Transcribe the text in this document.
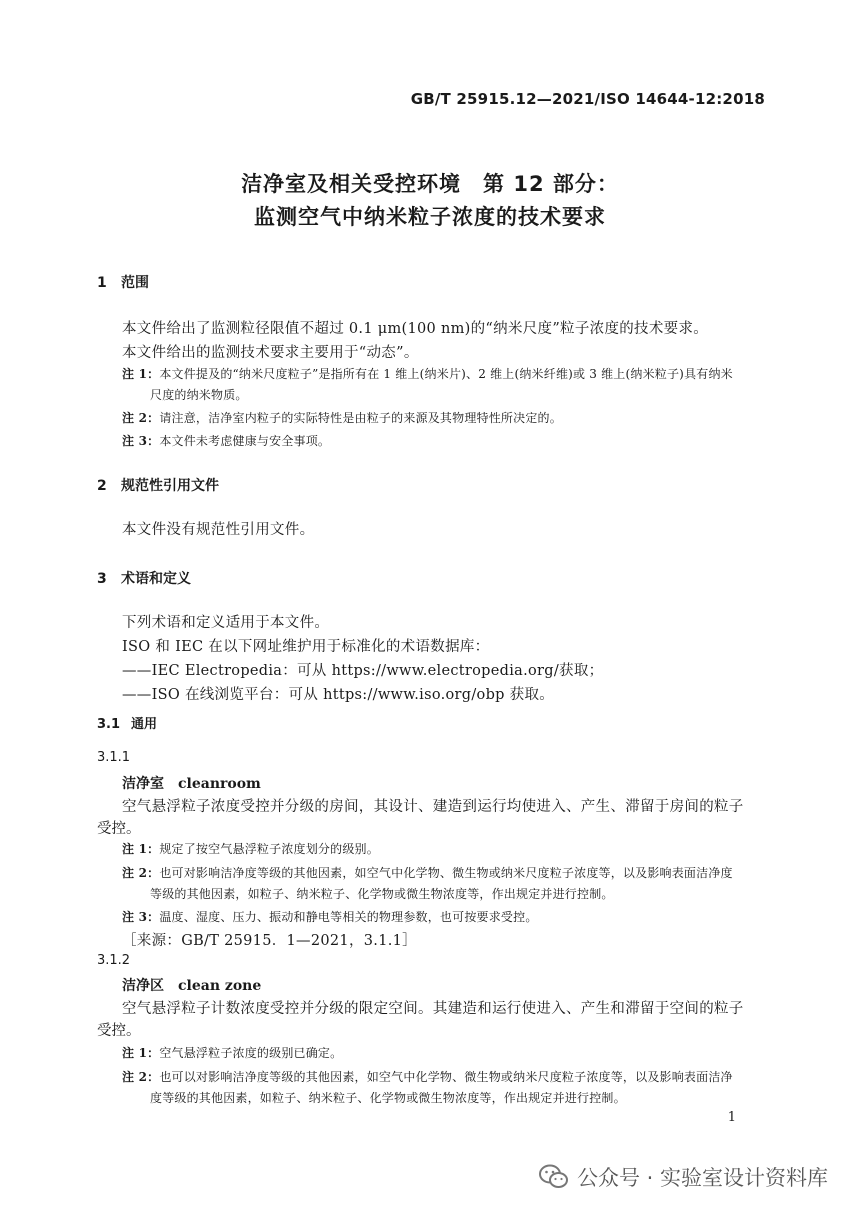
GB/T 25915.12—2021/ISO 14644-12:2018
洁净室及相关受控环境　第 12 部分：
监测空气中纳米粒子浓度的技术要求
1 范围
本文件给出了监测粒径限值不超过 0.1 μm(100 nm)的“纳米尺度”粒子浓度的技术要求。
本文件给出的监测技术要求主要用于“动态”。
注 1：本文件提及的“纳米尺度粒子”是指所有在 1 维上(纳米片)、2 维上(纳米纤维)或 3 维上(纳米粒子)具有纳米
尺度的纳米物质。
注 2：请注意，洁净室内粒子的实际特性是由粒子的来源及其物理特性所决定的。
注 3：本文件未考虑健康与安全事项。
2 规范性引用文件
本文件没有规范性引用文件。
3 术语和定义
下列术语和定义适用于本文件。
ISO 和 IEC 在以下网址维护用于标准化的术语数据库：
——IEC Electropedia：可从 https://www.electropedia.org/获取；
——ISO 在线浏览平台：可从 https://www.iso.org/obp 获取。
3.1 通用
3.1.1
洁净室 cleanroom
空气悬浮粒子浓度受控并分级的房间，其设计、建造到运行均使进入、产生、滞留于房间的粒子
受控。
注 1：规定了按空气悬浮粒子浓度划分的级别。
注 2：也可对影响洁净度等级的其他因素，如空气中化学物、微生物或纳米尺度粒子浓度等，以及影响表面洁净度
等级的其他因素，如粒子、纳米粒子、化学物或微生物浓度等，作出规定并进行控制。
注 3：温度、湿度、压力、振动和静电等相关的物理参数，也可按要求受控。
［来源：GB/T 25915．1—2021，3.1.1］
3.1.2
洁净区 clean zone
空气悬浮粒子计数浓度受控并分级的限定空间。其建造和运行使进入、产生和滞留于空间的粒子
受控。
注 1：空气悬浮粒子浓度的级别已确定。
注 2：也可以对影响洁净度等级的其他因素，如空气中化学物、微生物或纳米尺度粒子浓度等，以及影响表面洁净
度等级的其他因素，如粒子、纳米粒子、化学物或微生物浓度等，作出规定并进行控制。
1
公众号 · 实验室设计资料库
